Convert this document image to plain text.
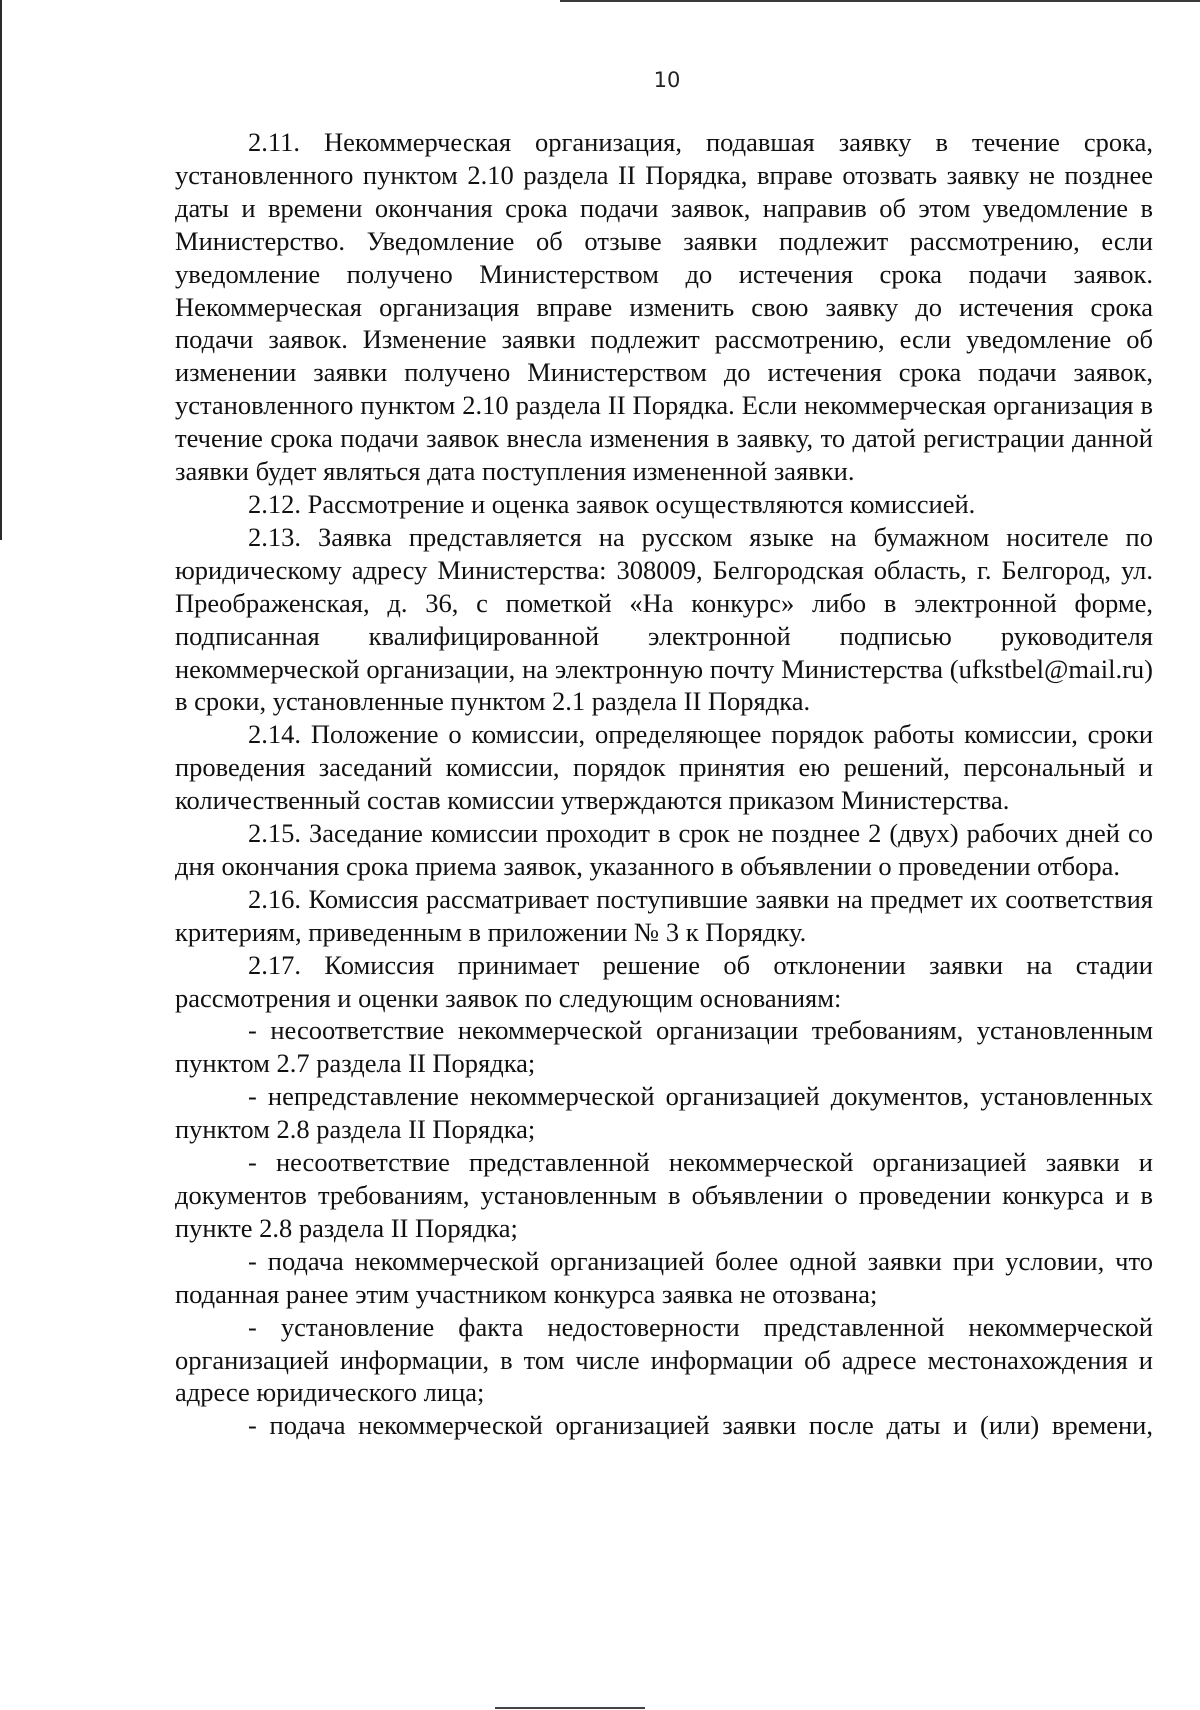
10

2.11. Некоммерческая организация, подавшая заявку в течение срока, установленного пунктом 2.10 раздела II Порядка, вправе отозвать заявку не позднее даты и времени окончания срока подачи заявок, направив об этом уведомление в Министерство. Уведомление об отзыве заявки подлежит рассмотрению, если уведомление получено Министерством до истечения срока подачи заявок. Некоммерческая организация вправе изменить свою заявку до истечения срока подачи заявок. Изменение заявки подлежит рассмотрению, если уведомление об изменении заявки получено Министерством до истечения срока подачи заявок, установленного пунктом 2.10 раздела II Порядка. Если некоммерческая организация в течение срока подачи заявок внесла изменения в заявку, то датой регистрации данной заявки будет являться дата поступления измененной заявки.

2.12. Рассмотрение и оценка заявок осуществляются комиссией.

2.13. Заявка представляется на русском языке на бумажном носителе по юридическому адресу Министерства: 308009, Белгородская область, г. Белгород, ул. Преображенская, д. 36, с пометкой «На конкурс» либо в электронной форме, подписанная квалифицированной электронной подписью руководителя некоммерческой организации, на электронную почту Министерства (ufkstbel@mail.ru) в сроки, установленные пунктом 2.1 раздела II Порядка.

2.14. Положение о комиссии, определяющее порядок работы комиссии, сроки проведения заседаний комиссии, порядок принятия ею решений, персональный и количественный состав комиссии утверждаются приказом Министерства.

2.15. Заседание комиссии проходит в срок не позднее 2 (двух) рабочих дней со дня окончания срока приема заявок, указанного в объявлении о проведении отбора.

2.16. Комиссия рассматривает поступившие заявки на предмет их соответствия критериям, приведенным в приложении № 3 к Порядку.

2.17. Комиссия принимает решение об отклонении заявки на стадии рассмотрения и оценки заявок по следующим основаниям:

- несоответствие некоммерческой организации требованиям, установленным пунктом 2.7 раздела II Порядка;

- непредставление некоммерческой организацией документов, установленных пунктом 2.8 раздела II Порядка;

- несоответствие представленной некоммерческой организацией заявки и документов требованиям, установленным в объявлении о проведении конкурса и в пункте 2.8 раздела II Порядка;

- подача некоммерческой организацией более одной заявки при условии, что поданная ранее этим участником конкурса заявка не отозвана;

- установление факта недостоверности представленной некоммерческой организацией информации, в том числе информации об адресе местонахождения и адресе юридического лица;

- подача некоммерческой организацией заявки после даты и (или) времени,
